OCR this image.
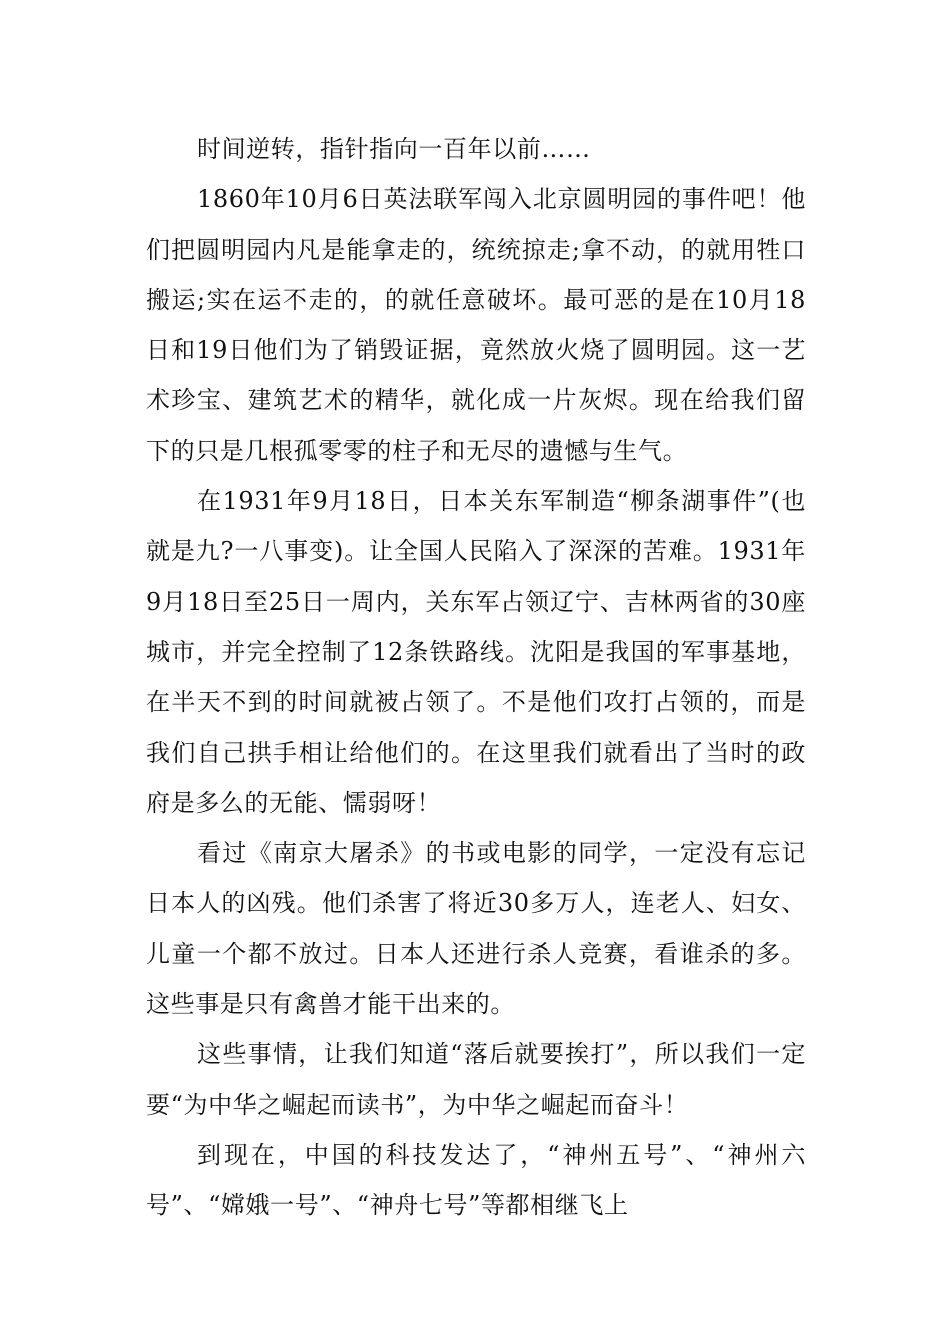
时间逆转，指针指向一百年以前……

1860年10月6日英法联军闯入北京圆明园的事件吧！他们把圆明园内凡是能拿走的，统统掠走;拿不动，的就用牲口搬运;实在运不走的，的就任意破坏。最可恶的是在10月18日和19日他们为了销毁证据，竟然放火烧了圆明园。这一艺术珍宝、建筑艺术的精华，就化成一片灰烬。现在给我们留下的只是几根孤零零的柱子和无尽的遗憾与生气。

在1931年9月18日，日本关东军制造“柳条湖事件”(也就是九?一八事变)。让全国人民陷入了深深的苦难。1931年9月18日至25日一周内，关东军占领辽宁、吉林两省的30座城市，并完全控制了12条铁路线。沈阳是我国的军事基地，在半天不到的时间就被占领了。不是他们攻打占领的，而是我们自己拱手相让给他们的。在这里我们就看出了当时的政府是多么的无能、懦弱呀！

看过《南京大屠杀》的书或电影的同学，一定没有忘记日本人的凶残。他们杀害了将近30多万人，连老人、妇女、儿童一个都不放过。日本人还进行杀人竞赛，看谁杀的多。这些事是只有禽兽才能干出来的。

这些事情，让我们知道“落后就要挨打”，所以我们一定要“为中华之崛起而读书”，为中华之崛起而奋斗！

到现在，中国的科技发达了，“神州五号”、“神州六号”、“嫦娥一号”、“神舟七号”等都相继飞上
